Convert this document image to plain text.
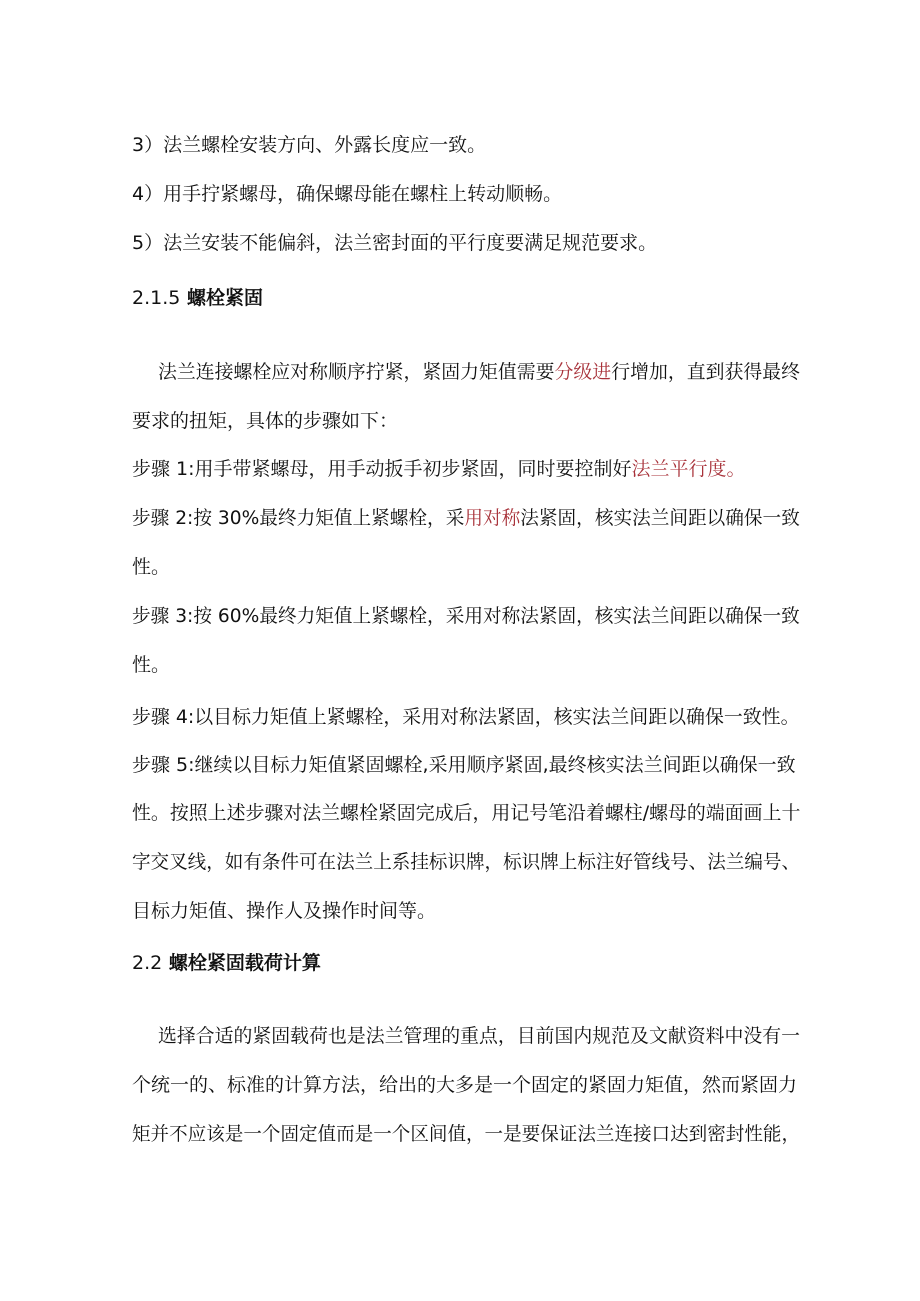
3）法兰螺栓安装方向、外露长度应一致。
4）用手拧紧螺母，确保螺母能在螺柱上转动顺畅。
5）法兰安装不能偏斜，法兰密封面的平行度要满足规范要求。
2.1.5 螺栓紧固
法兰连接螺栓应对称顺序拧紧，紧固力矩值需要分级进行增加，直到获得最终
要求的扭矩，具体的步骤如下：
步骤 1:用手带紧螺母，用手动扳手初步紧固，同时要控制好法兰平行度。
步骤 2:按 30%最终力矩值上紧螺栓，采用对称法紧固，核实法兰间距以确保一致
性。
步骤 3:按 60%最终力矩值上紧螺栓，采用对称法紧固，核实法兰间距以确保一致
性。
步骤 4:以目标力矩值上紧螺栓，采用对称法紧固，核实法兰间距以确保一致性。
步骤 5:继续以目标力矩值紧固螺栓,采用顺序紧固,最终核实法兰间距以确保一致
性。按照上述步骤对法兰螺栓紧固完成后，用记号笔沿着螺柱/螺母的端面画上十
字交叉线，如有条件可在法兰上系挂标识牌，标识牌上标注好管线号、法兰编号、
目标力矩值、操作人及操作时间等。
2.2 螺栓紧固载荷计算
选择合适的紧固载荷也是法兰管理的重点，目前国内规范及文献资料中没有一
个统一的、标准的计算方法，给出的大多是一个固定的紧固力矩值，然而紧固力
矩并不应该是一个固定值而是一个区间值，一是要保证法兰连接口达到密封性能，
